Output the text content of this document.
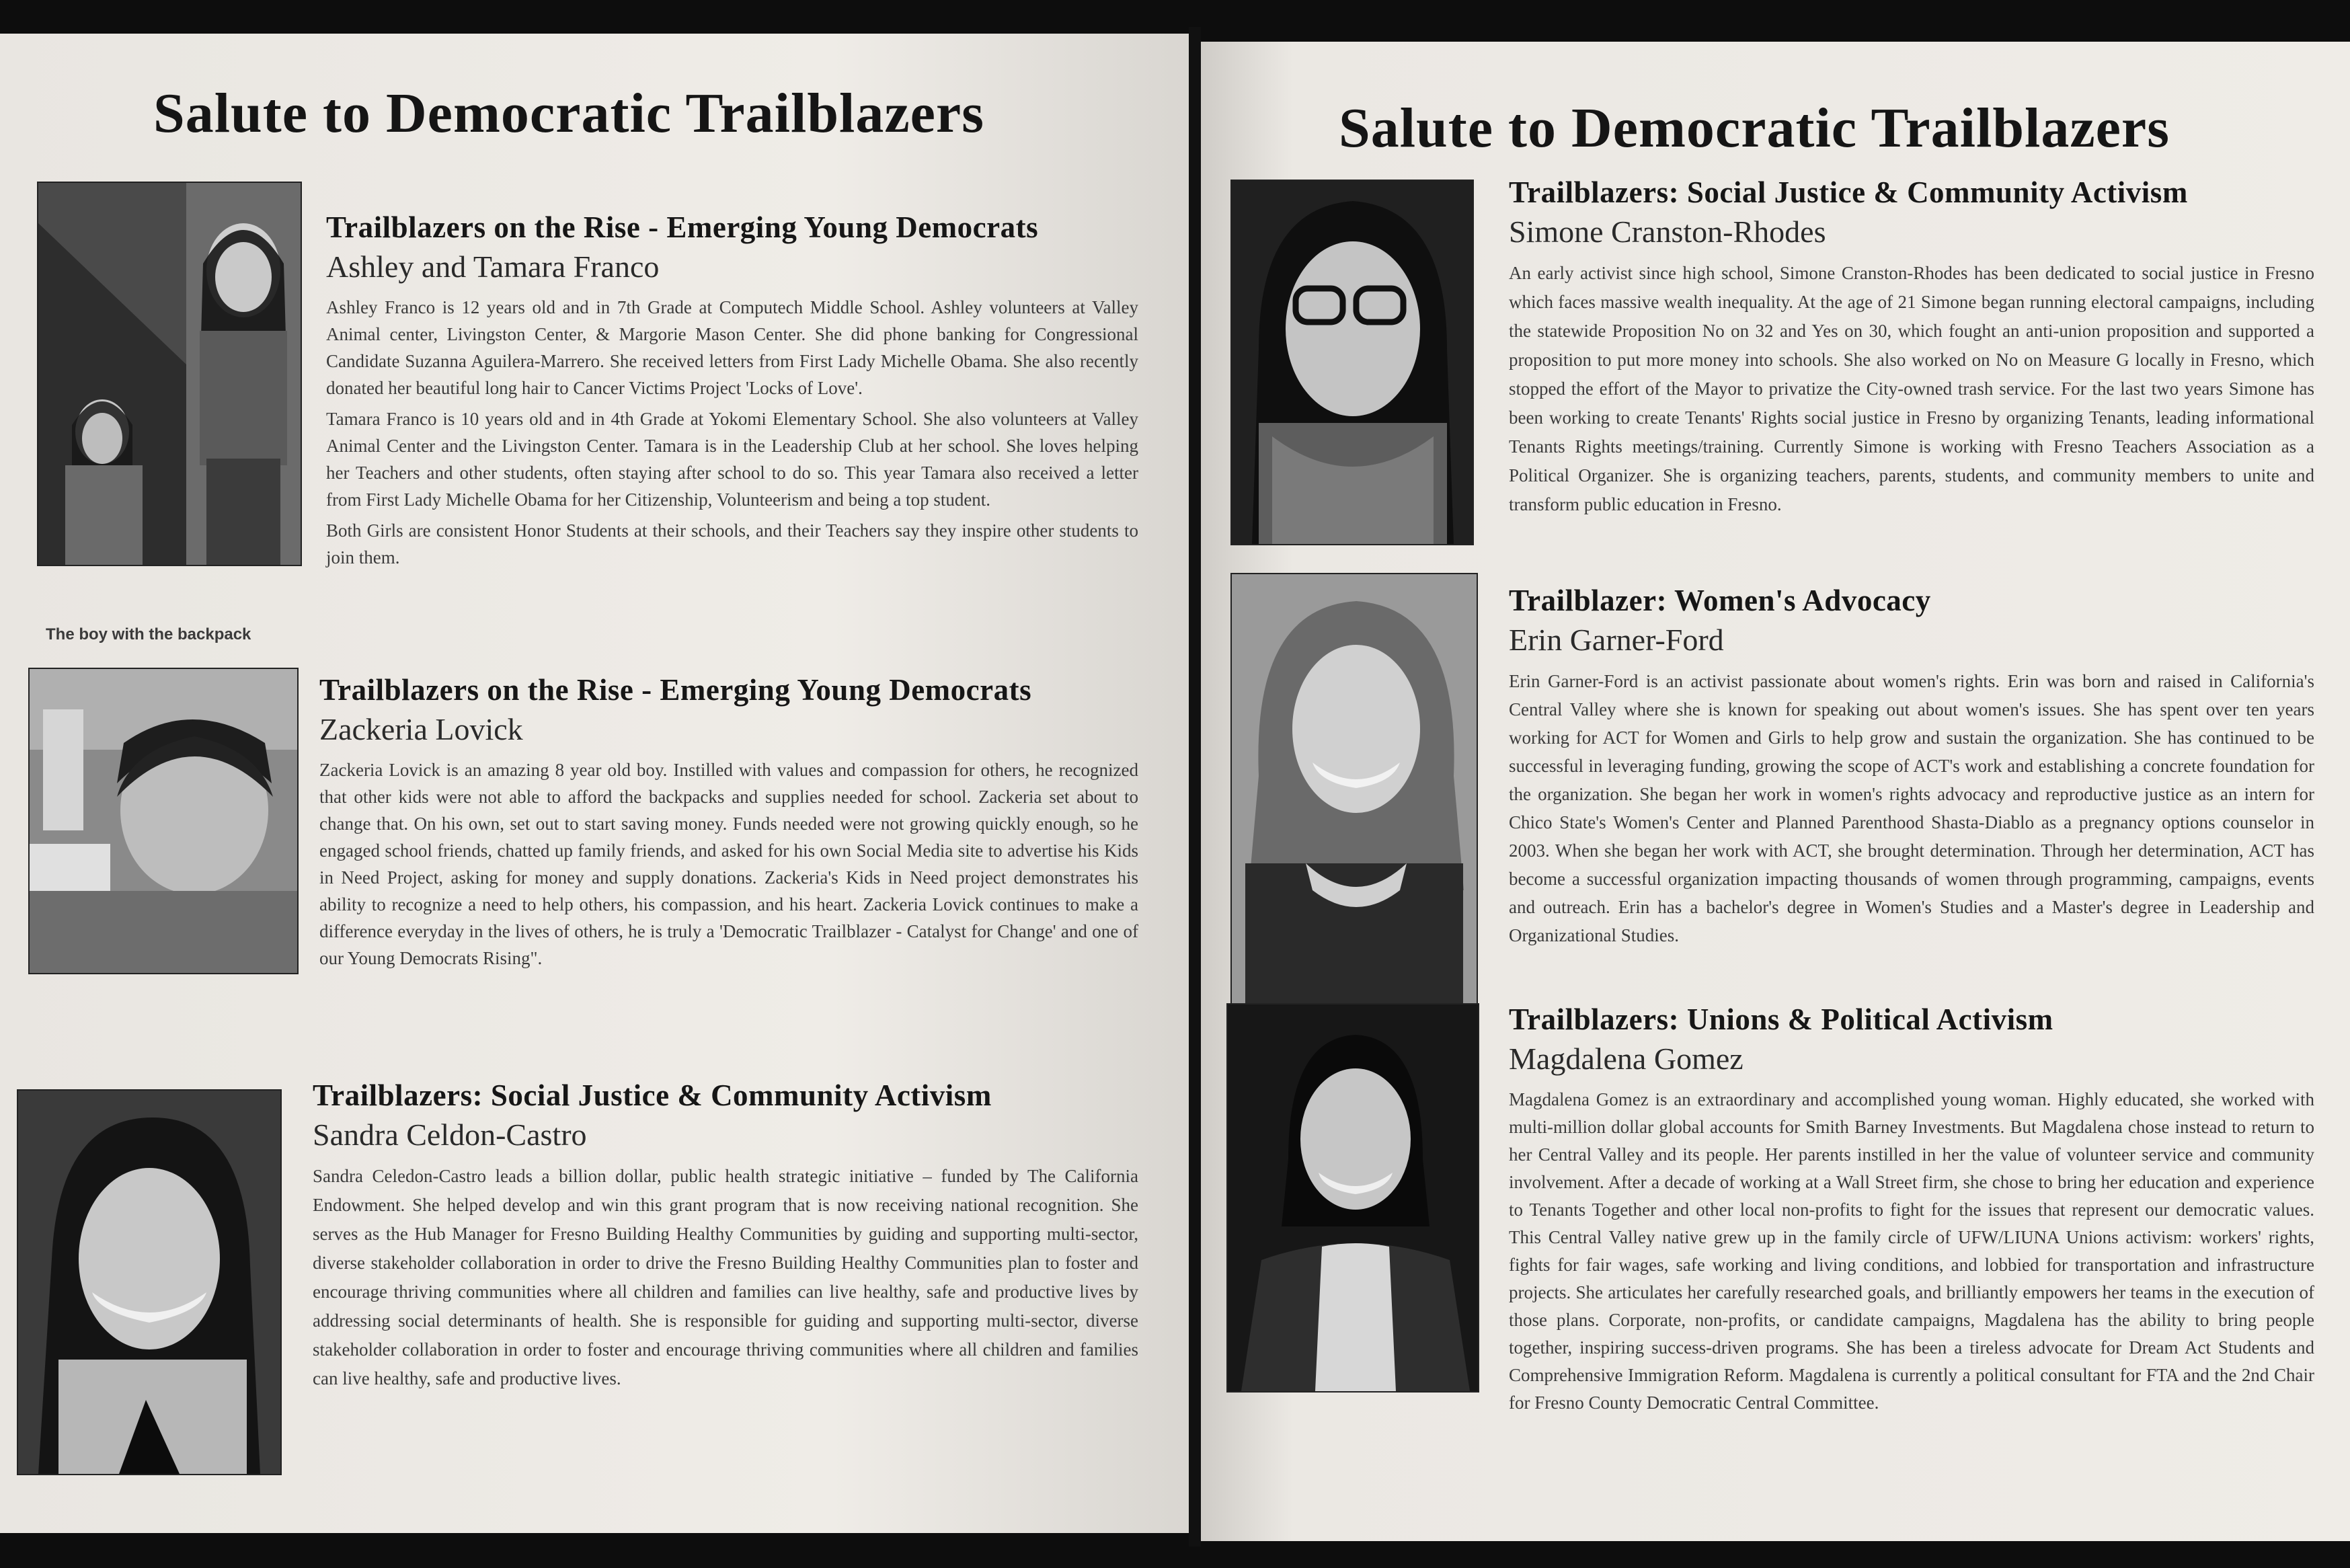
Salute to Democratic Trailblazers

Trailblazers on the Rise - Emerging Young Democrats

Ashley and Tamara Franco

Ashley Franco is 12 years old and in 7th Grade at Computech Middle School. Ashley volunteers at Valley Animal center, Livingston Center, & Margorie Mason Center. She did phone banking for Congressional Candidate Suzanna Aguilera-Marrero. She received letters from First Lady Michelle Obama. She also recently donated her beautiful long hair to Cancer Victims Project 'Locks of Love'.

Tamara Franco is 10 years old and in 4th Grade at Yokomi Elementary School. She also volunteers at Valley Animal Center and the Livingston Center. Tamara is in the Leadership Club at her school. She loves helping her Teachers and other students, often staying after school to do so. This year Tamara also received a letter from First Lady Michelle Obama for her Citizenship, Volunteerism and being a top student.

Both Girls are consistent Honor Students at their schools, and their Teachers say they inspire other students to join them.

The boy with the backpack

Trailblazers on the Rise - Emerging Young Democrats

Zackeria Lovick

Zackeria Lovick is an amazing 8 year old boy. Instilled with values and compassion for others, he recognized that other kids were not able to afford the backpacks and supplies needed for school. Zackeria set about to change that. On his own, set out to start saving money. Funds needed were not growing quickly enough, so he engaged school friends, chatted up family friends, and asked for his own Social Media site to advertise his Kids in Need Project, asking for money and supply donations. Zackeria's Kids in Need project demonstrates his ability to recognize a need to help others, his compassion, and his heart. Zackeria Lovick continues to make a difference everyday in the lives of others, he is truly a 'Democratic Trailblazer - Catalyst for Change' and one of our Young Democrats Rising".

Trailblazers: Social Justice & Community Activism

Sandra Celdon-Castro

Sandra Celedon-Castro leads a billion dollar, public health strategic initiative – funded by The California Endowment. She helped develop and win this grant program that is now receiving national recognition. She serves as the Hub Manager for Fresno Building Healthy Communities by guiding and supporting multi-sector, diverse stakeholder collaboration in order to drive the Fresno Building Healthy Communities plan to foster and encourage thriving communities where all children and families can live healthy, safe and productive lives by addressing social determinants of health. She is responsible for guiding and supporting multi-sector, diverse stakeholder collaboration in order to foster and encourage thriving communities where all children and families can live healthy, safe and productive lives.

Salute to Democratic Trailblazers

Trailblazers: Social Justice & Community Activism

Simone Cranston-Rhodes

An early activist since high school, Simone Cranston-Rhodes has been dedicated to social justice in Fresno which faces massive wealth inequality. At the age of 21 Simone began running electoral campaigns, including the statewide Proposition No on 32 and Yes on 30, which fought an anti-union proposition and supported a proposition to put more money into schools. She also worked on No on Measure G locally in Fresno, which stopped the effort of the Mayor to privatize the City-owned trash service. For the last two years Simone has been working to create Tenants' Rights social justice in Fresno by organizing Tenants, leading informational Tenants Rights meetings/training. Currently Simone is working with Fresno Teachers Association as a Political Organizer. She is organizing teachers, parents, students, and community members to unite and transform public education in Fresno.

Trailblazer: Women's Advocacy

Erin Garner-Ford

Erin Garner-Ford is an activist passionate about women's rights. Erin was born and raised in California's Central Valley where she is known for speaking out about women's issues. She has spent over ten years working for ACT for Women and Girls to help grow and sustain the organization. She has continued to be successful in leveraging funding, growing the scope of ACT's work and establishing a concrete foundation for the organization. She began her work in women's rights advocacy and reproductive justice as an intern for Chico State's Women's Center and Planned Parenthood Shasta-Diablo as a pregnancy options counselor in 2003. When she began her work with ACT, she brought determination. Through her determination, ACT has become a successful organization impacting thousands of women through programming, campaigns, events and outreach. Erin has a bachelor's degree in Women's Studies and a Master's degree in Leadership and Organizational Studies.

Trailblazers: Unions & Political Activism

Magdalena Gomez

Magdalena Gomez is an extraordinary and accomplished young woman. Highly educated, she worked with multi-million dollar global accounts for Smith Barney Investments. But Magdalena chose instead to return to her Central Valley and its people. Her parents instilled in her the value of volunteer service and community involvement. After a decade of working at a Wall Street firm, she chose to bring her education and experience to Tenants Together and other local non-profits to fight for the issues that represent our democratic values. This Central Valley native grew up in the family circle of UFW/LIUNA Unions activism: workers' rights, fights for fair wages, safe working and living conditions, and lobbied for transportation and infrastructure projects. She articulates her carefully researched goals, and brilliantly empowers her teams in the execution of those plans. Corporate, non-profits, or candidate campaigns, Magdalena has the ability to bring people together, inspiring success-driven programs. She has been a tireless advocate for Dream Act Students and Comprehensive Immigration Reform. Magdalena is currently a political consultant for FTA and the 2nd Chair for Fresno County Democratic Central Committee.
